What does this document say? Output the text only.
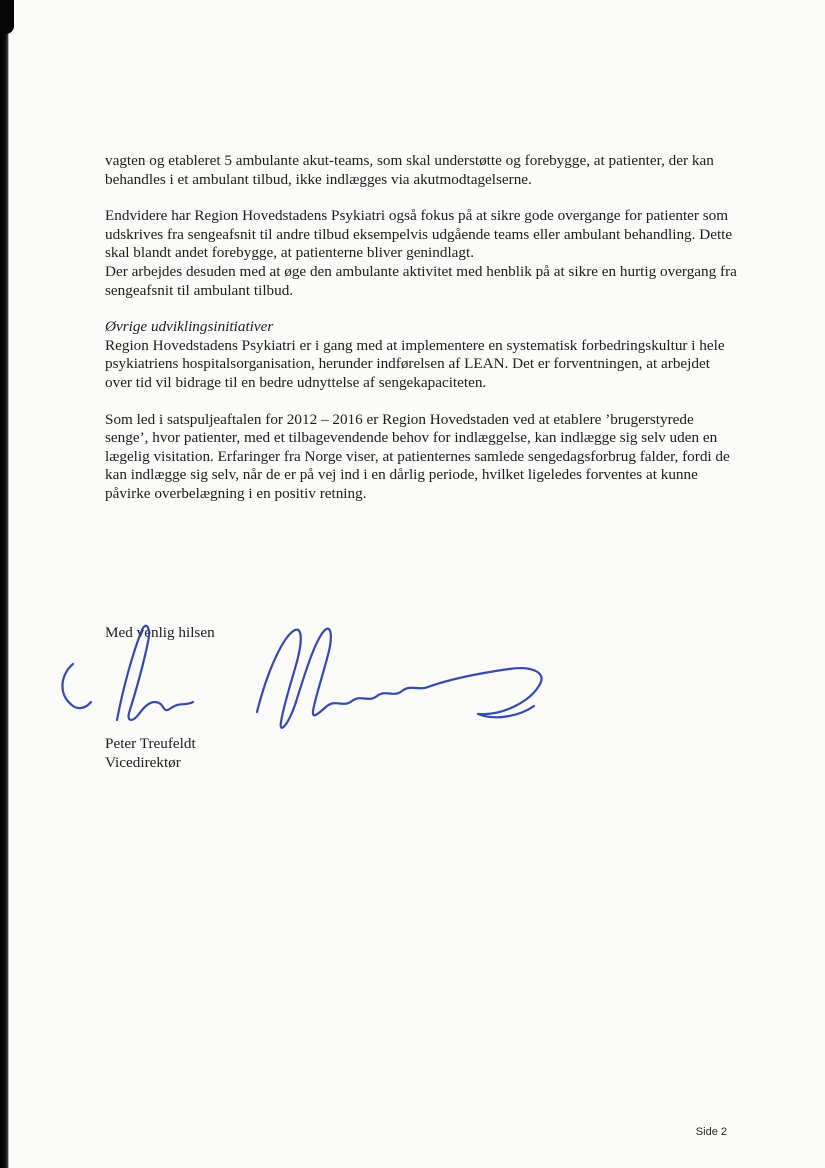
vagten og etableret 5 ambulante akut-teams, som skal understøtte og forebygge, at patienter, der kan behandles i et ambulant tilbud, ikke indlægges via akutmodtagelserne.

Endvidere har Region Hovedstadens Psykiatri også fokus på at sikre gode overgange for patienter som udskrives fra sengeafsnit til andre tilbud eksempelvis udgående teams eller ambulant behandling. Dette skal blandt andet forebygge, at patienterne bliver genindlagt.

Der arbejdes desuden med at øge den ambulante aktivitet med henblik på at sikre en hurtig overgang fra sengeafsnit til ambulant tilbud.

Øvrige udviklingsinitiativer

Region Hovedstadens Psykiatri er i gang med at implementere en systematisk forbedringskultur i hele psykiatriens hospitalsorganisation, herunder indførelsen af LEAN. Det er forventningen, at arbejdet over tid vil bidrage til en bedre udnyttelse af sengekapaciteten.

Som led i satspuljeaftalen for 2012 – 2016 er Region Hovedstaden ved at etablere ’brugerstyrede senge’, hvor patienter, med et tilbagevendende behov for indlæggelse, kan indlægge sig selv uden en lægelig visitation. Erfaringer fra Norge viser, at patienternes samlede sengedagsforbrug falder, fordi de kan indlægge sig selv, når de er på vej ind i en dårlig periode, hvilket ligeledes forventes at kunne påvirke overbelægning i en positiv retning.

Med venlig hilsen

Peter Treufeldt

Vicedirektør

Side 2
